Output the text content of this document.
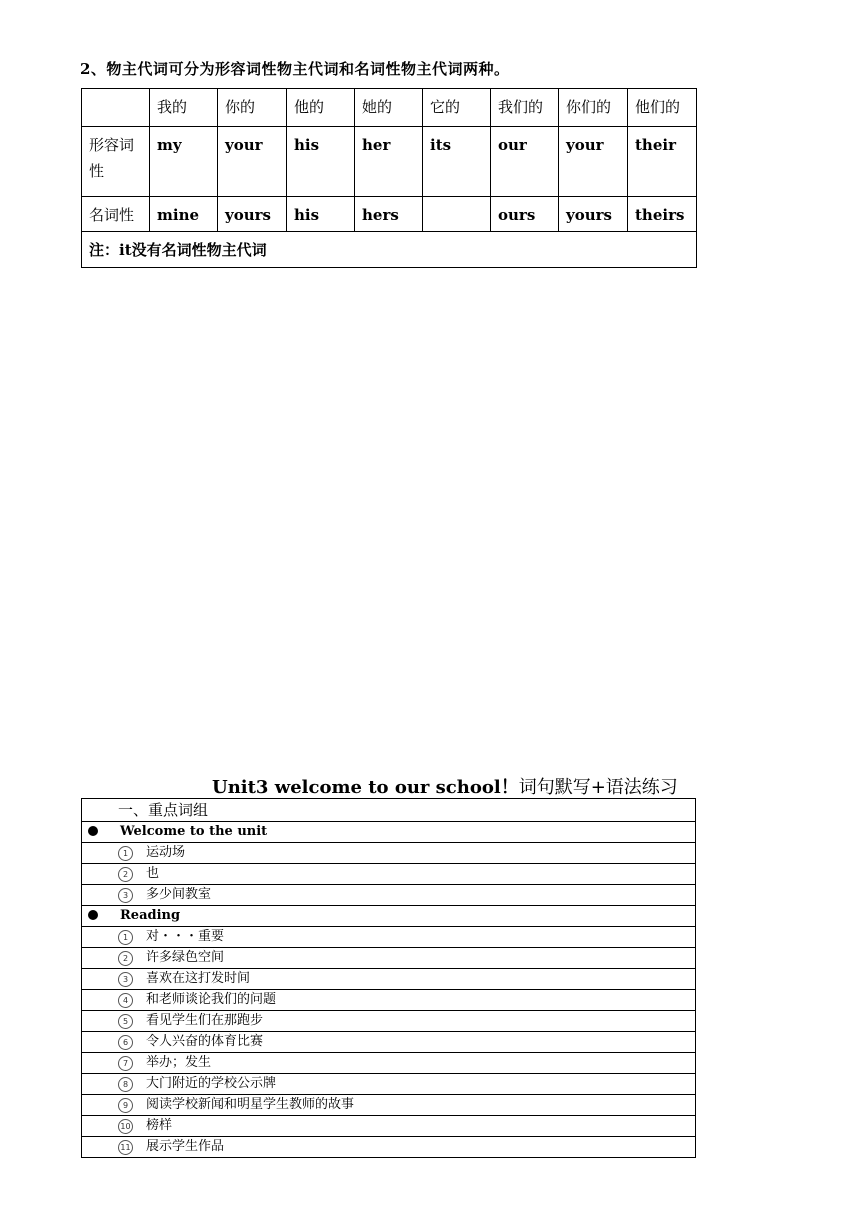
2、物主代词可分为形容词性物主代词和名词性物主代词两种。
	我的	你的	他的	她的	它的	我们的	你们的	他们的
形容词性	my	your	his	her	its	our	your	their
名词性	mine	yours	his	hers		ours	yours	theirs
注：it没有名词性物主代词								
Unit3 welcome to our school！词句默写+语法练习
一、重点词组
Welcome to the unit
1 运动场
2 也
3 多少间教室
Reading
1 对・・・重要
2 许多绿色空间
3 喜欢在这打发时间
4 和老师谈论我们的问题
5 看见学生们在那跑步
6 令人兴奋的体育比赛
7 举办；发生
8 大门附近的学校公示牌
9 阅读学校新闻和明星学生教师的故事
10 榜样
11 展示学生作品
